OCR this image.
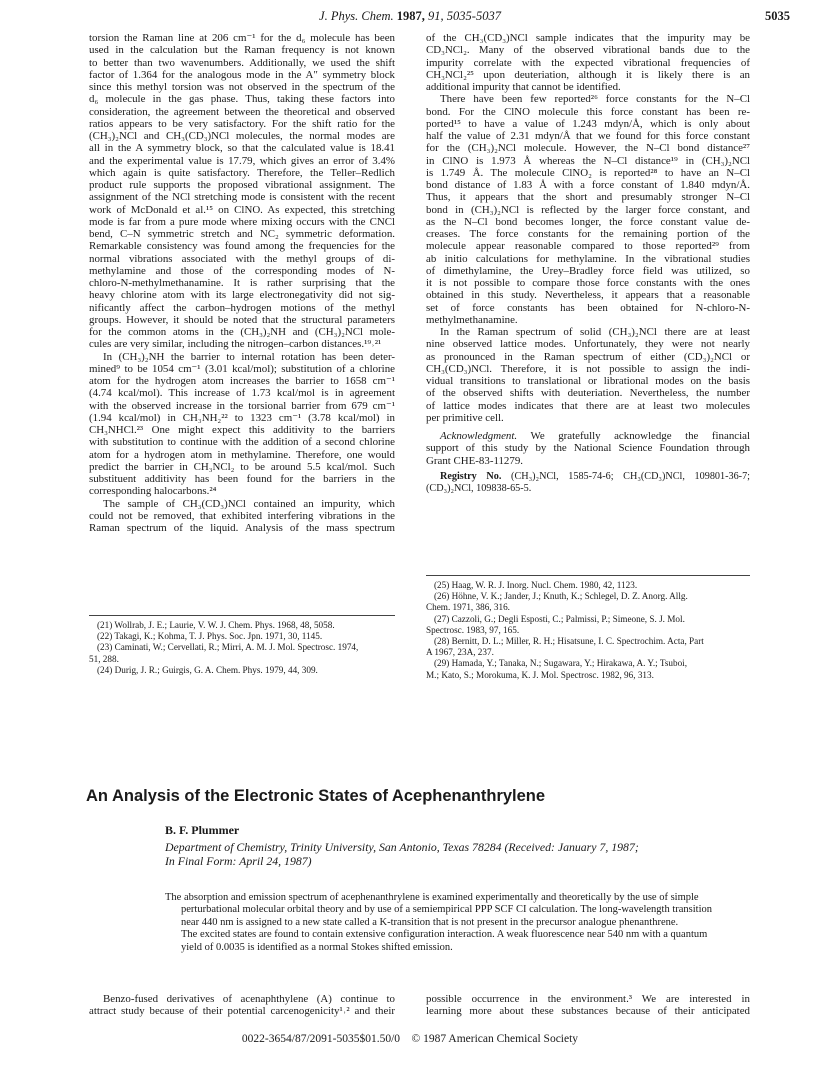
J. Phys. Chem. 1987, 91, 5035-5037	5035
torsion the Raman line at 206 cm⁻¹ for the d₆ molecule has been
used in the calculation but the Raman frequency is not known
to better than two wavenumbers. Additionally, we used the shift
factor of 1.364 for the analogous mode in the A″ symmetry block
since this methyl torsion was not observed in the spectrum of the
d₆ molecule in the gas phase. Thus, taking these factors into
consideration, the agreement between the theoretical and observed
ratios appears to be very satisfactory. For the shift ratio for the
(CH₃)₂NCl and CH₃(CD₃)NCl molecules, the normal modes are
all in the A symmetry block, so that the calculated value is 18.41
and the experimental value is 17.79, which gives an error of 3.4%
which again is quite satisfactory. Therefore, the Teller–Redlich
product rule supports the proposed vibrational assignment. The
assignment of the NCl stretching mode is consistent with the recent
work of McDonald et al.¹⁵ on ClNO. As expected, this stretching
mode is far from a pure mode where mixing occurs with the CNCl
bend, C–N symmetric stretch and NC₂ symmetric deformation.
Remarkable consistency was found among the frequencies for the
normal vibrations associated with the methyl groups of di-
methylamine and those of the corresponding modes of N-
chloro-N-methylmethanamine. It is rather surprising that the
heavy chlorine atom with its large electronegativity did not sig-
nificantly affect the carbon–hydrogen motions of the methyl
groups. However, it should be noted that the structural parameters
for the common atoms in the (CH₃)₂NH and (CH₃)₂NCl mole-
cules are very similar, including the nitrogen–carbon distances.¹⁹˒²¹
In (CH₃)₂NH the barrier to internal rotation has been deter-
mined⁹ to be 1054 cm⁻¹ (3.01 kcal/mol); substitution of a chlorine
atom for the hydrogen atom increases the barrier to 1658 cm⁻¹
(4.74 kcal/mol). This increase of 1.73 kcal/mol is in agreement
with the observed increase in the torsional barrier from 679 cm⁻¹
(1.94 kcal/mol) in CH₃NH₂²² to 1323 cm⁻¹ (3.78 kcal/mol) in
CH₃NHCl.²³ One might expect this additivity to the barriers
with substitution to continue with the addition of a second chlorine
atom for a hydrogen atom in methylamine. Therefore, one would
predict the barrier in CH₃NCl₂ to be around 5.5 kcal/mol. Such
substituent additivity has been found for the barriers in the
corresponding halocarbons.²⁴
The sample of CH₃(CD₃)NCl contained an impurity, which
could not be removed, that exhibited interfering vibrations in the
Raman spectrum of the liquid. Analysis of the mass spectrum
(21) Wollrab, J. E.; Laurie, V. W. J. Chem. Phys. 1968, 48, 5058.
(22) Takagi, K.; Kohma, T. J. Phys. Soc. Jpn. 1971, 30, 1145.
(23) Caminati, W.; Cervellati, R.; Mirri, A. M. J. Mol. Spectrosc. 1974,
51, 288.
(24) Durig, J. R.; Guirgis, G. A. Chem. Phys. 1979, 44, 309.
of the CH₃(CD₃)NCl sample indicates that the impurity may be
CD₃NCl₂. Many of the observed vibrational bands due to the
impurity correlate with the expected vibrational frequencies of
CH₃NCl₂²⁵ upon deuteriation, although it is likely there is an
additional impurity that cannot be identified.
There have been few reported²⁶ force constants for the N–Cl
bond. For the ClNO molecule this force constant has been re-
ported¹⁵ to have a value of 1.243 mdyn/Å, which is only about
half the value of 2.31 mdyn/Å that we found for this force constant
for the (CH₃)₂NCl molecule. However, the N–Cl bond distance²⁷
in ClNO is 1.973 Å whereas the N–Cl distance¹⁹ in (CH₃)₂NCl
is 1.749 Å. The molecule ClNO₂ is reported²⁸ to have an N–Cl
bond distance of 1.83 Å with a force constant of 1.840 mdyn/Å.
Thus, it appears that the short and presumably stronger N–Cl
bond in (CH₃)₂NCl is reflected by the larger force constant, and
as the N–Cl bond becomes longer, the force constant value de-
creases. The force constants for the remaining portion of the
molecule appear reasonable compared to those reported²⁹ from
ab initio calculations for methylamine. In the vibrational studies
of dimethylamine, the Urey–Bradley force field was utilized, so
it is not possible to compare those force constants with the ones
obtained in this study. Nevertheless, it appears that a reasonable
set of force constants has been obtained for N-chloro-N-
methylmethanamine.
In the Raman spectrum of solid (CH₃)₂NCl there are at least
nine observed lattice modes. Unfortunately, they were not nearly
as pronounced in the Raman spectrum of either (CD₃)₂NCl or
CH₃(CD₃)NCl. Therefore, it is not possible to assign the indi-
vidual transitions to translational or librational modes on the basis
of the observed shifts with deuteriation. Nevertheless, the number
of lattice modes indicates that there are at least two molecules
per primitive cell.
Acknowledgment. We gratefully acknowledge the financial
support of this study by the National Science Foundation through
Grant CHE-83-11279.
Registry No. (CH₃)₂NCl, 1585-74-6; CH₃(CD₃)NCl, 109801-36-7;
(CD₃)₂NCl, 109838-65-5.
(25) Haag, W. R. J. Inorg. Nucl. Chem. 1980, 42, 1123.
(26) Höhne, V. K.; Jander, J.; Knuth, K.; Schlegel, D. Z. Anorg. Allg.
Chem. 1971, 386, 316.
(27) Cazzoli, G.; Degli Esposti, C.; Palmissi, P.; Simeone, S. J. Mol.
Spectrosc. 1983, 97, 165.
(28) Bernitt, D. L.; Miller, R. H.; Hisatsune, I. C. Spectrochim. Acta, Part
A 1967, 23A, 237.
(29) Hamada, Y.; Tanaka, N.; Sugawara, Y.; Hirakawa, A. Y.; Tsuboi,
M.; Kato, S.; Morokuma, K. J. Mol. Spectrosc. 1982, 96, 313.
An Analysis of the Electronic States of Acephenanthrylene
B. F. Plummer
Department of Chemistry, Trinity University, San Antonio, Texas 78284 (Received: January 7, 1987;
In Final Form: April 24, 1987)
The absorption and emission spectrum of acephenanthrylene is examined experimentally and theoretically by the use of simple
perturbational molecular orbital theory and by use of a semiempirical PPP SCF CI calculation. The long-wavelength transition
near 440 nm is assigned to a new state called a K-transition that is not present in the precursor analogue phenanthrene.
The excited states are found to contain extensive configuration interaction. A weak fluorescence near 540 nm with a quantum
yield of 0.0035 is identified as a normal Stokes shifted emission.
Benzo-fused derivatives of acenaphthylene (A) continue to
attract study because of their potential carcenogenicity¹˒² and their
possible occurrence in the environment.³ We are interested in
learning more about these substances because of their anticipated
0022-3654/87/2091-5035$01.50/0 © 1987 American Chemical Society
